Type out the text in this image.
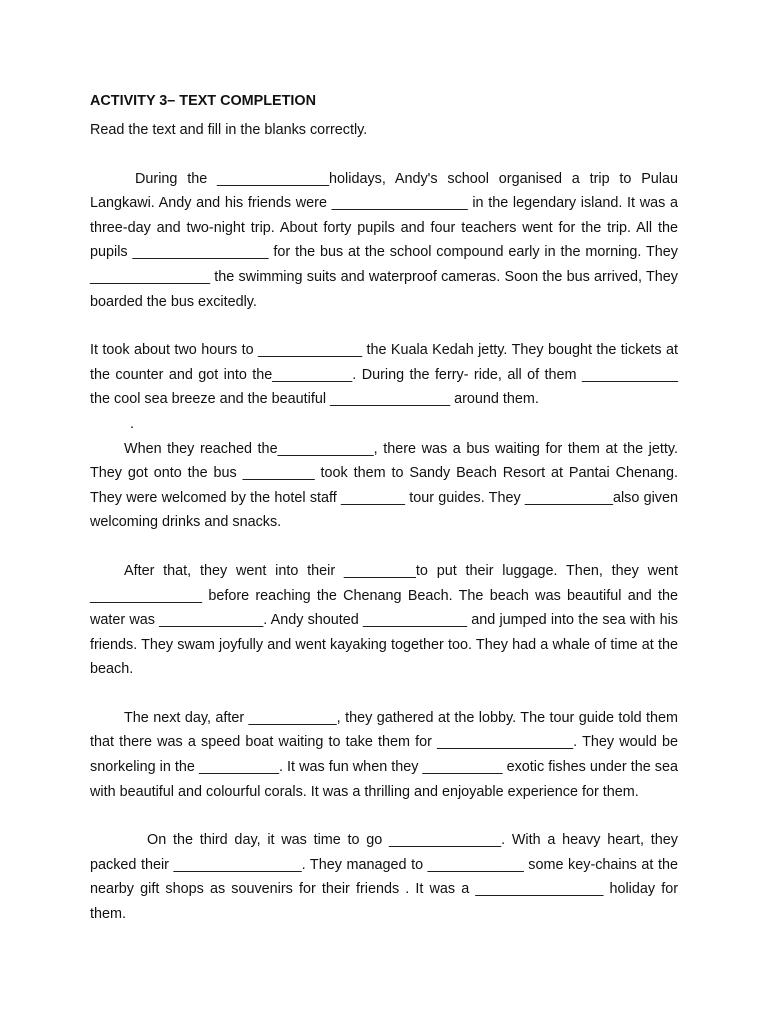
ACTIVITY 3– TEXT COMPLETION

Read the text and fill in the blanks correctly.

During the ______________holidays, Andy's school organised a trip to Pulau Langkawi. Andy and his friends were _________________ in the legendary island. It was a three-day and two-night trip. About forty pupils and four teachers went for the trip. All the pupils _________________ for the bus at the school compound early in the morning. They _______________ the swimming suits and waterproof cameras. Soon the bus arrived, They boarded the bus excitedly.

It took about two hours to _____________ the Kuala Kedah jetty. They bought the tickets at the counter and got into the__________. During the ferry- ride, all of them ____________ the cool sea breeze and the beautiful _______________ around them.

.

When they reached the____________, there was a bus waiting for them at the jetty. They got onto the bus _________ took them to Sandy Beach Resort at Pantai Chenang. They were welcomed by the hotel staff ________ tour guides. They ___________also given welcoming drinks and snacks.

After that, they went into their _________to put their luggage. Then, they went ______________ before reaching the Chenang Beach. The beach was beautiful and the water was _____________. Andy shouted _____________ and jumped into the sea with his friends. They swam joyfully and went kayaking together too. They had a whale of time at the beach.

The next day, after ___________, they gathered at the lobby. The tour guide told them that there was a speed boat waiting to take them for _________________. They would be snorkeling in the __________. It was fun when they __________ exotic fishes under the sea with beautiful and colourful corals. It was a thrilling and enjoyable experience for them.

On the third day, it was time to go ______________. With a heavy heart, they packed their ________________. They managed to ____________ some key-chains at the nearby gift shops as souvenirs for their friends . It was a ________________ holiday for them.
